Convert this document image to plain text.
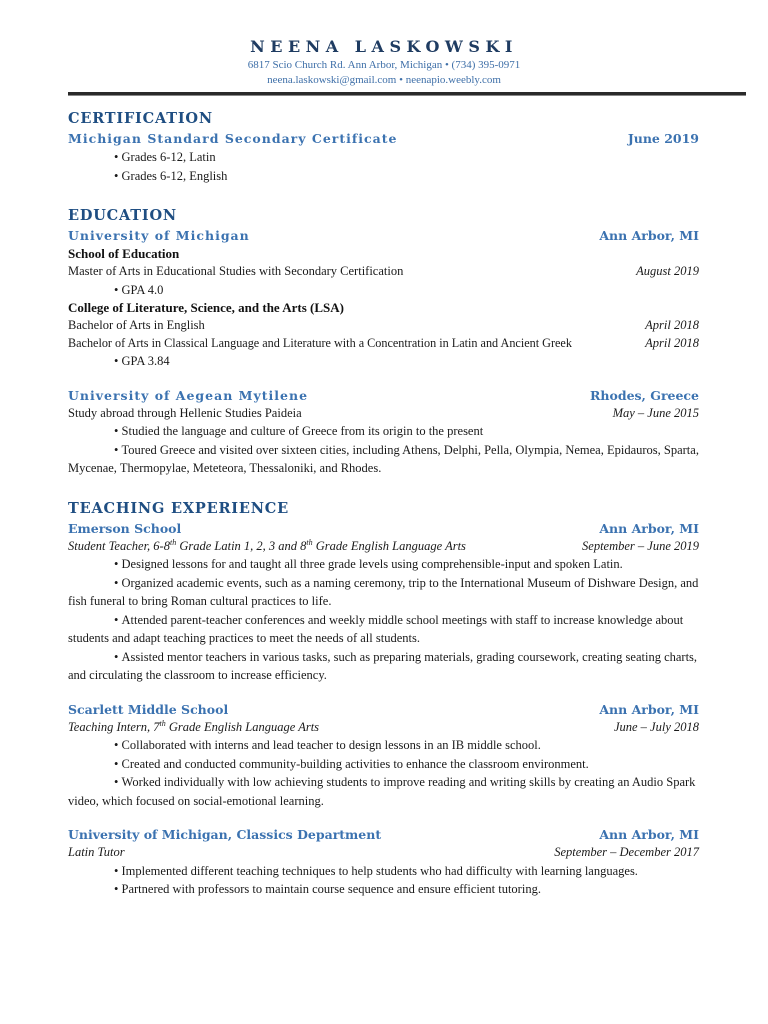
NEENA LASKOWSKI
6817 Scio Church Rd. Ann Arbor, Michigan • (734) 395-0971
neena.laskowski@gmail.com • neenapio.weebly.com
CERTIFICATION
Michigan Standard Secondary Certificate	June 2019
• Grades 6-12, Latin
• Grades 6-12, English
EDUCATION
University of Michigan	Ann Arbor, MI
School of Education
Master of Arts in Educational Studies with Secondary Certification	August 2019
• GPA 4.0
College of Literature, Science, and the Arts (LSA)
Bachelor of Arts in English	April 2018
Bachelor of Arts in Classical Language and Literature with a Concentration in Latin and Ancient Greek	April 2018
• GPA 3.84
University of Aegean Mytilene	Rhodes, Greece
Study abroad through Hellenic Studies Paideia	May – June 2015
• Studied the language and culture of Greece from its origin to the present
• Toured Greece and visited over sixteen cities, including Athens, Delphi, Pella, Olympia, Nemea, Epidauros, Sparta, Mycenae, Thermopylae, Meteteora, Thessaloniki, and Rhodes.
TEACHING EXPERIENCE
Emerson School	Ann Arbor, MI
Student Teacher, 6-8th Grade Latin 1, 2, 3 and 8th Grade English Language Arts	September – June 2019
• Designed lessons for and taught all three grade levels using comprehensible-input and spoken Latin.
• Organized academic events, such as a naming ceremony, trip to the International Museum of Dishware Design, and fish funeral to bring Roman cultural practices to life.
• Attended parent-teacher conferences and weekly middle school meetings with staff to increase knowledge about students and adapt teaching practices to meet the needs of all students.
• Assisted mentor teachers in various tasks, such as preparing materials, grading coursework, creating seating charts, and circulating the classroom to increase efficiency.
Scarlett Middle School	Ann Arbor, MI
Teaching Intern, 7th Grade English Language Arts	June – July 2018
• Collaborated with interns and lead teacher to design lessons in an IB middle school.
• Created and conducted community-building activities to enhance the classroom environment.
• Worked individually with low achieving students to improve reading and writing skills by creating an Audio Spark video, which focused on social-emotional learning.
University of Michigan, Classics Department	Ann Arbor, MI
Latin Tutor	September – December 2017
• Implemented different teaching techniques to help students who had difficulty with learning languages.
• Partnered with professors to maintain course sequence and ensure efficient tutoring.
